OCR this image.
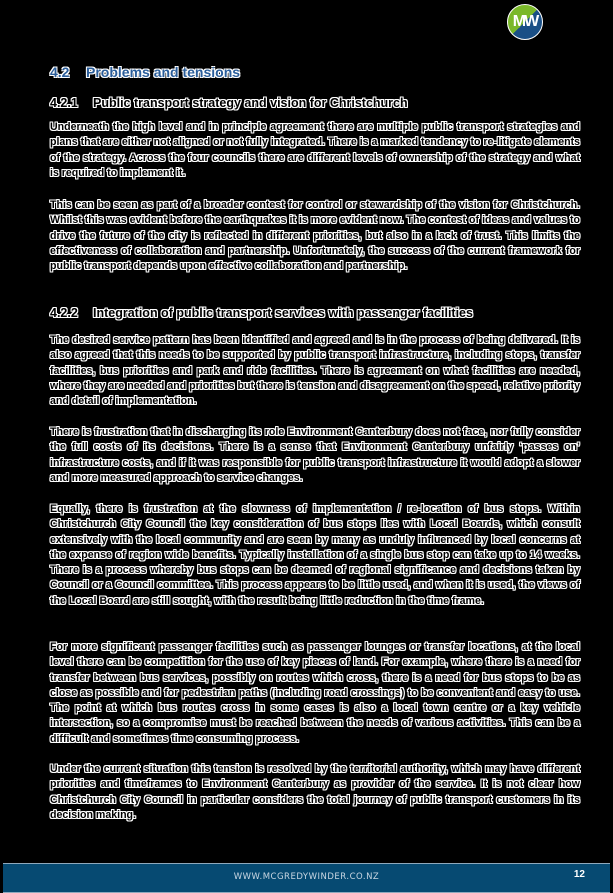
MW
4.2 Problems and tensions
4.2.1 Public transport strategy and vision for Christchurch

Underneath the high level and in principle agreement there are multiple public transport strategies and plans that are either not aligned or not fully integrated. There is a marked tendency to re-litigate elements of the strategy. Across the four councils there are different levels of ownership of the strategy and what is required to implement it.

This can be seen as part of a broader contest for control or stewardship of the vision for Christchurch. Whilst this was evident before the earthquakes it is more evident now. The contest of ideas and values to drive the future of the city is reflected in different priorities, but also in a lack of trust. This limits the effectiveness of collaboration and partnership. Unfortunately, the success of the current framework for public transport depends upon effective collaboration and partnership.

4.2.2 Integration of public transport services with passenger facilities

The desired service pattern has been identified and agreed and is in the process of being delivered. It is also agreed that this needs to be supported by public transport infrastructure, including stops, transfer facilities, bus priorities and park and ride facilities. There is agreement on what facilities are needed, where they are needed and priorities but there is tension and disagreement on the speed, relative priority and detail of implementation.

There is frustration that in discharging its role Environment Canterbury does not face, nor fully consider the full costs of its decisions. There is a sense that Environment Canterbury unfairly ‘passes on’ infrastructure costs, and if it was responsible for public transport infrastructure it would adopt a slower and more measured approach to service changes.

Equally, there is frustration at the slowness of implementation / re-location of bus stops. Within Christchurch City Council the key consideration of bus stops lies with Local Boards, which consult extensively with the local community and are seen by many as unduly influenced by local concerns at the expense of region wide benefits. Typically installation of a single bus stop can take up to 14 weeks. There is a process whereby bus stops can be deemed of regional significance and decisions taken by Council or a Council committee. This process appears to be little used, and when it is used, the views of the Local Board are still sought, with the result being little reduction in the time frame.

For more significant passenger facilities such as passenger lounges or transfer locations, at the local level there can be competition for the use of key pieces of land. For example, where there is a need for transfer between bus services, possibly on routes which cross, there is a need for bus stops to be as close as possible and for pedestrian paths (including road crossings) to be convenient and easy to use. The point at which bus routes cross in some cases is also a local town centre or a key vehicle intersection, so a compromise must be reached between the needs of various activities. This can be a difficult and sometimes time consuming process.

Under the current situation this tension is resolved by the territorial authority, which may have different priorities and timeframes to Environment Canterbury as provider of the service. It is not clear how Christchurch City Council in particular considers the total journey of public transport customers in its decision making.

WWW.MCGREDYWINDER.CO.NZ	12
